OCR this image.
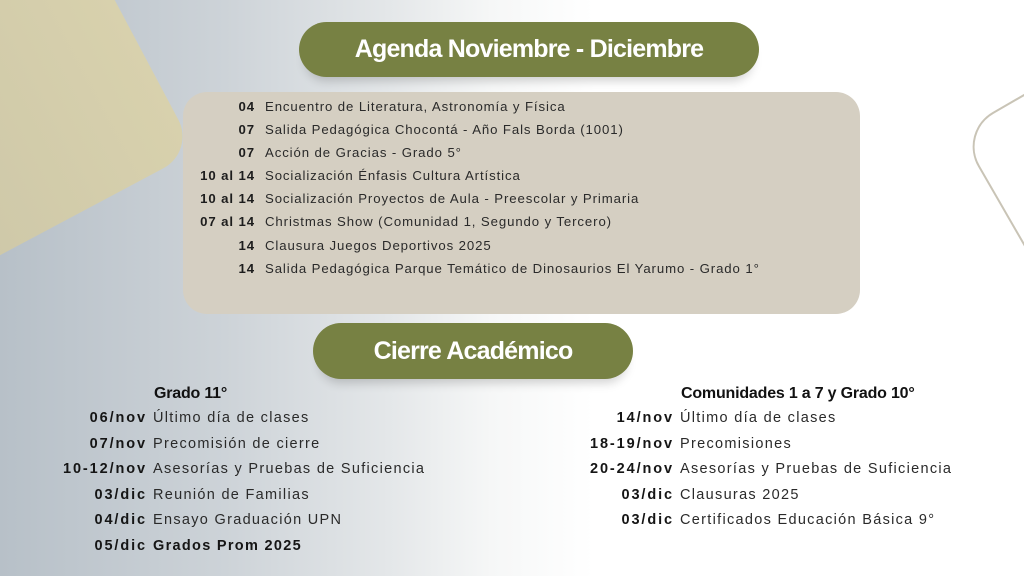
Agenda Noviembre - Diciembre
04 Encuentro de Literatura, Astronomía y Física
07 Salida Pedagógica Chocontá - Año Fals Borda (1001)
07 Acción de Gracias - Grado 5°
10 al 14 Socialización Énfasis Cultura Artística
10 al 14 Socialización Proyectos de Aula - Preescolar y Primaria
07 al 14 Christmas Show (Comunidad 1, Segundo y Tercero)
14 Clausura Juegos Deportivos 2025
14 Salida Pedagógica Parque Temático de Dinosaurios El Yarumo - Grado 1°
Cierre Académico
Grado 11°
06/nov Último día de clases
07/nov Precomisión de cierre
10-12/nov Asesorías y Pruebas de Suficiencia
03/dic Reunión de Familias
04/dic Ensayo Graduación UPN
05/dic Grados Prom 2025
Comunidades 1 a 7 y Grado 10°
14/nov Último día de clases
18-19/nov Precomisiones
20-24/nov Asesorías y Pruebas de Suficiencia
03/dic Clausuras 2025
03/dic Certificados Educación Básica 9°
